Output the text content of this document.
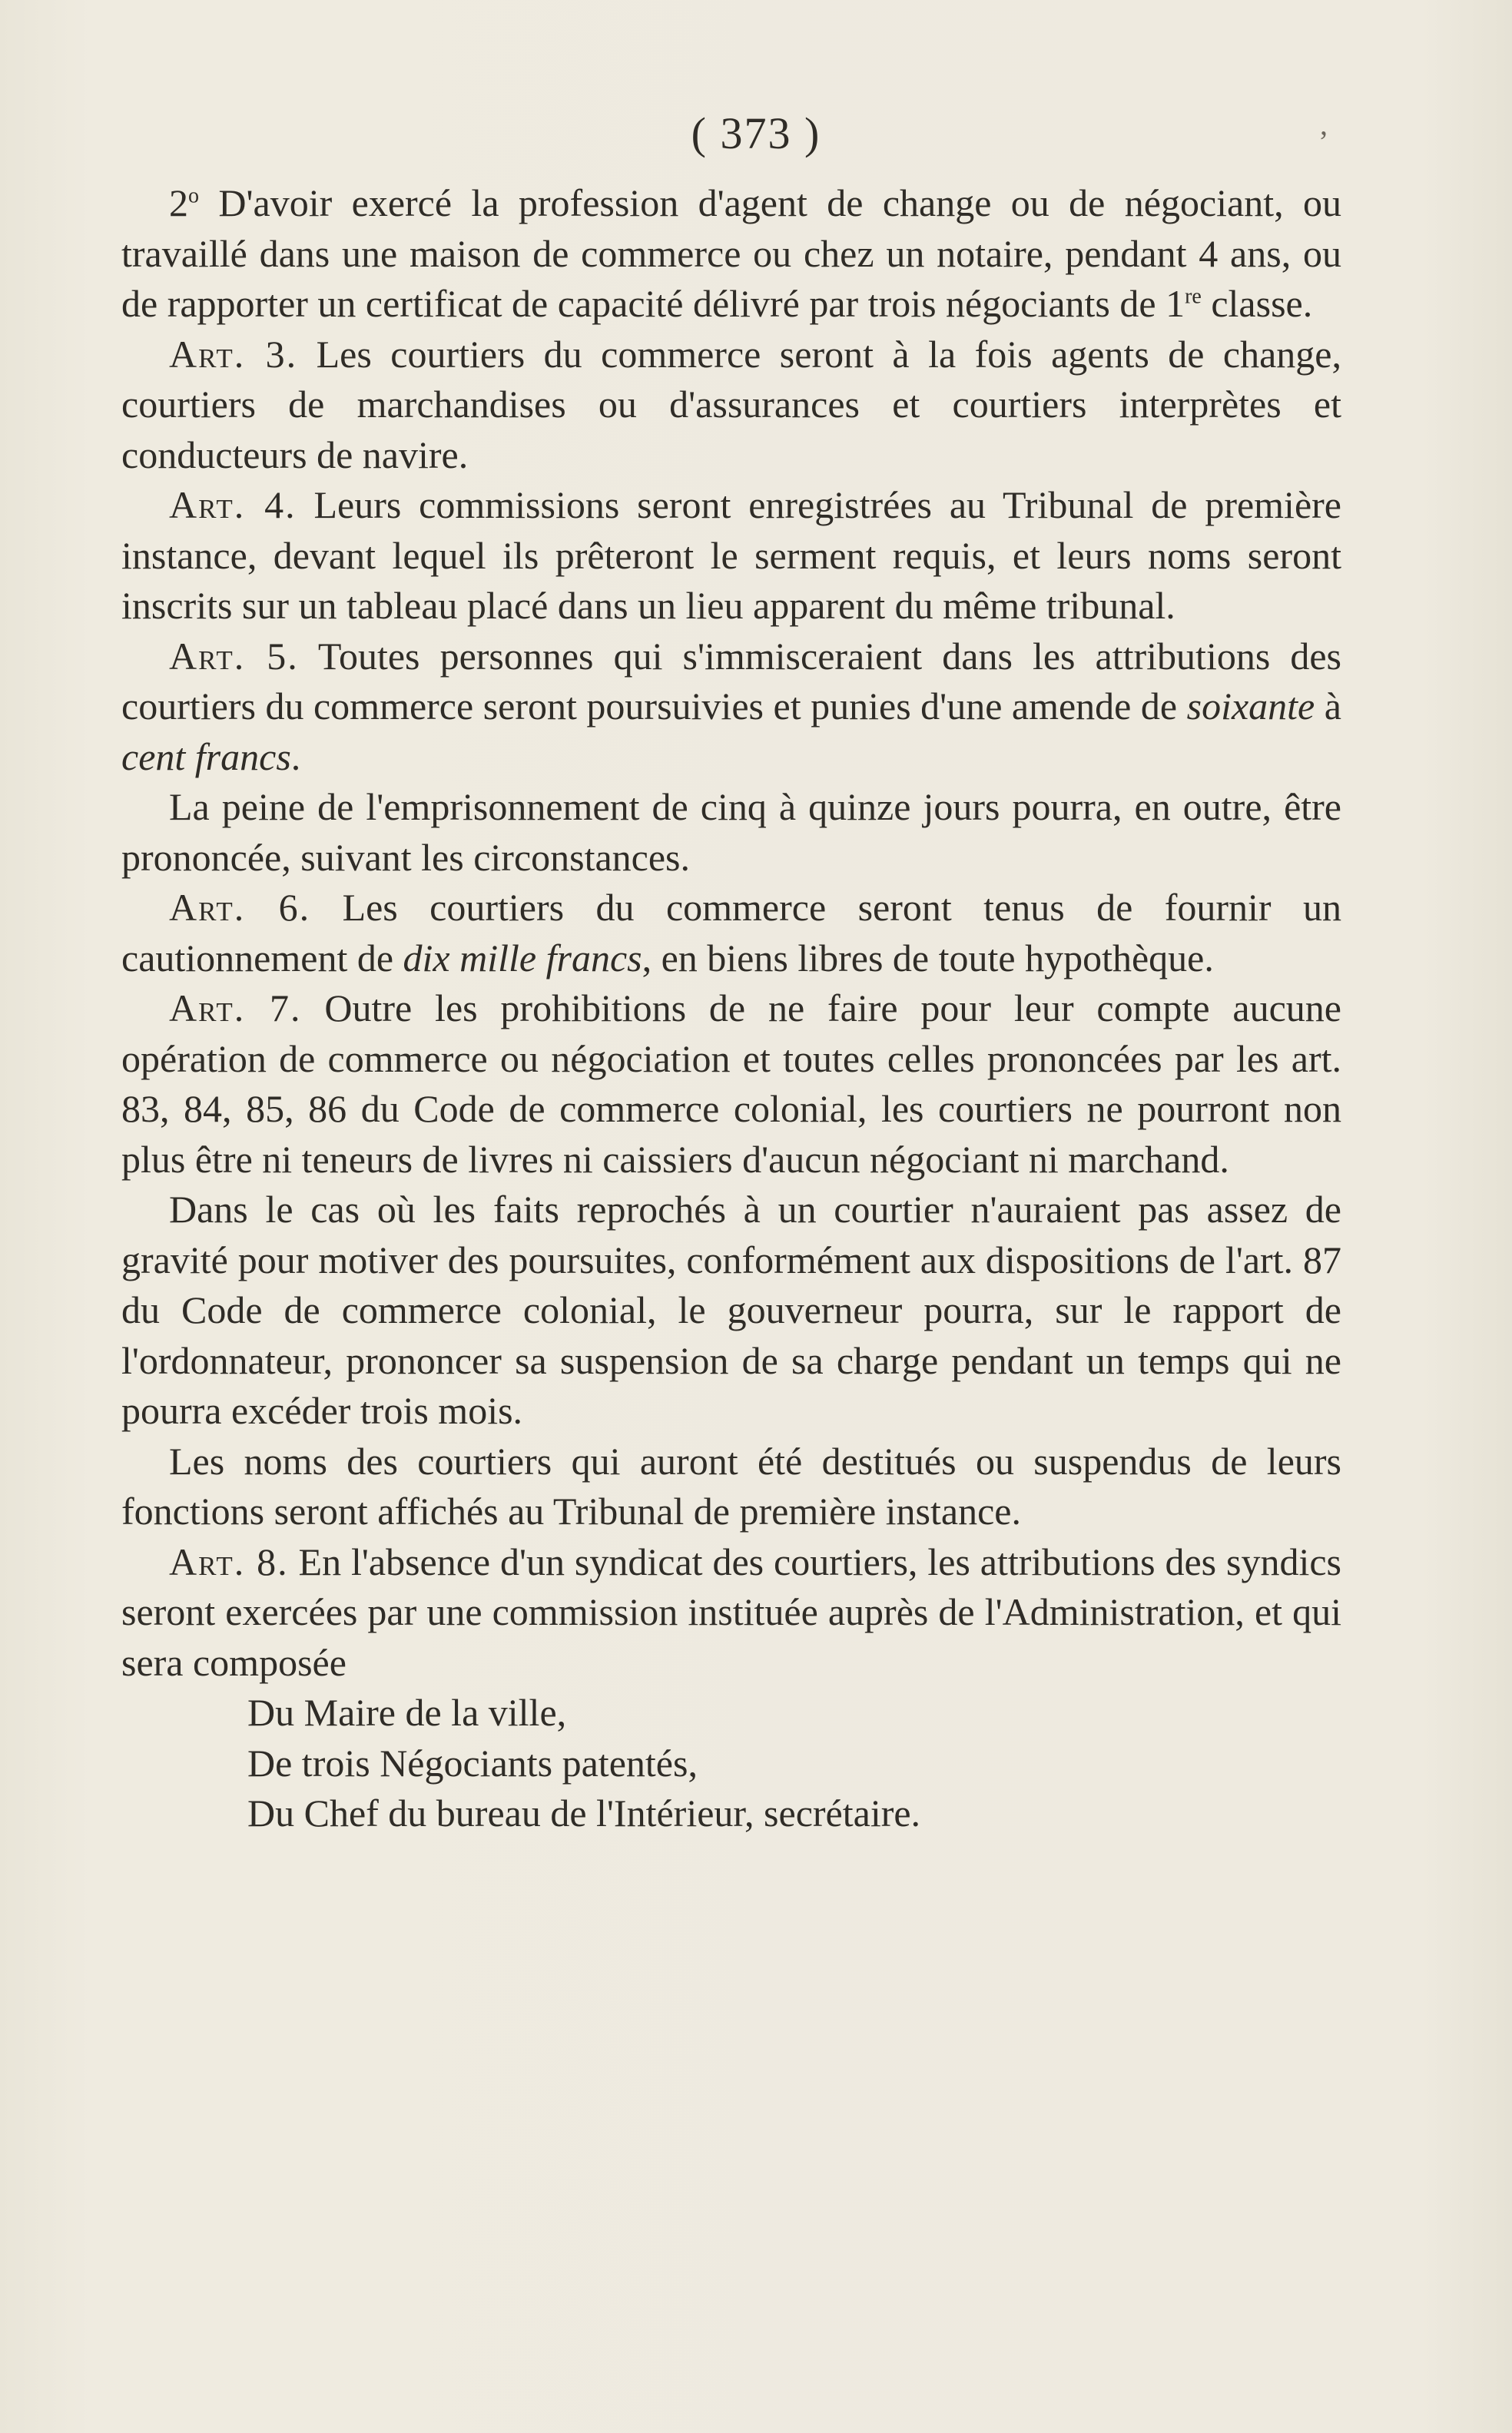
( 373 )	,

2$^o$ D'avoir exercé la profession d'agent de change ou de négociant, ou travaillé dans une maison de commerce ou chez un notaire, pendant 4 ans, ou de rapporter un certificat de capacité délivré par trois négociants de 1re classe.

Art. 3. Les courtiers du commerce seront à la fois agents de change, courtiers de marchandises ou d'assurances et courtiers interprètes et conducteurs de navire.

Art. 4. Leurs commissions seront enregistrées au Tribunal de première instance, devant lequel ils prêteront le serment requis, et leurs noms seront inscrits sur un tableau placé dans un lieu apparent du même tribunal.

Art. 5. Toutes personnes qui s'immisceraient dans les attributions des courtiers du commerce seront poursuivies et punies d'une amende de soixante à cent francs.

La peine de l'emprisonnement de cinq à quinze jours pourra, en outre, être prononcée, suivant les circonstances.

Art. 6. Les courtiers du commerce seront tenus de fournir un cautionnement de dix mille francs, en biens libres de toute hypothèque.

Art. 7. Outre les prohibitions de ne faire pour leur compte aucune opération de commerce ou négociation et toutes celles prononcées par les art. 83, 84, 85, 86 du Code de commerce colonial, les courtiers ne pourront non plus être ni teneurs de livres ni caissiers d'aucun négociant ni marchand.

Dans le cas où les faits reprochés à un courtier n'auraient pas assez de gravité pour motiver des poursuites, conformément aux dispositions de l'art. 87 du Code de commerce colonial, le gouverneur pourra, sur le rapport de l'ordonnateur, prononcer sa suspension de sa charge pendant un temps qui ne pourra excéder trois mois.

Les noms des courtiers qui auront été destitués ou suspendus de leurs fonctions seront affichés au Tribunal de première instance.

Art. 8. En l'absence d'un syndicat des courtiers, les attributions des syndics seront exercées par une commission instituée auprès de l'Administration, et qui sera composée

Du Maire de la ville,

De trois Négociants patentés,

Du Chef du bureau de l'Intérieur, secrétaire.
